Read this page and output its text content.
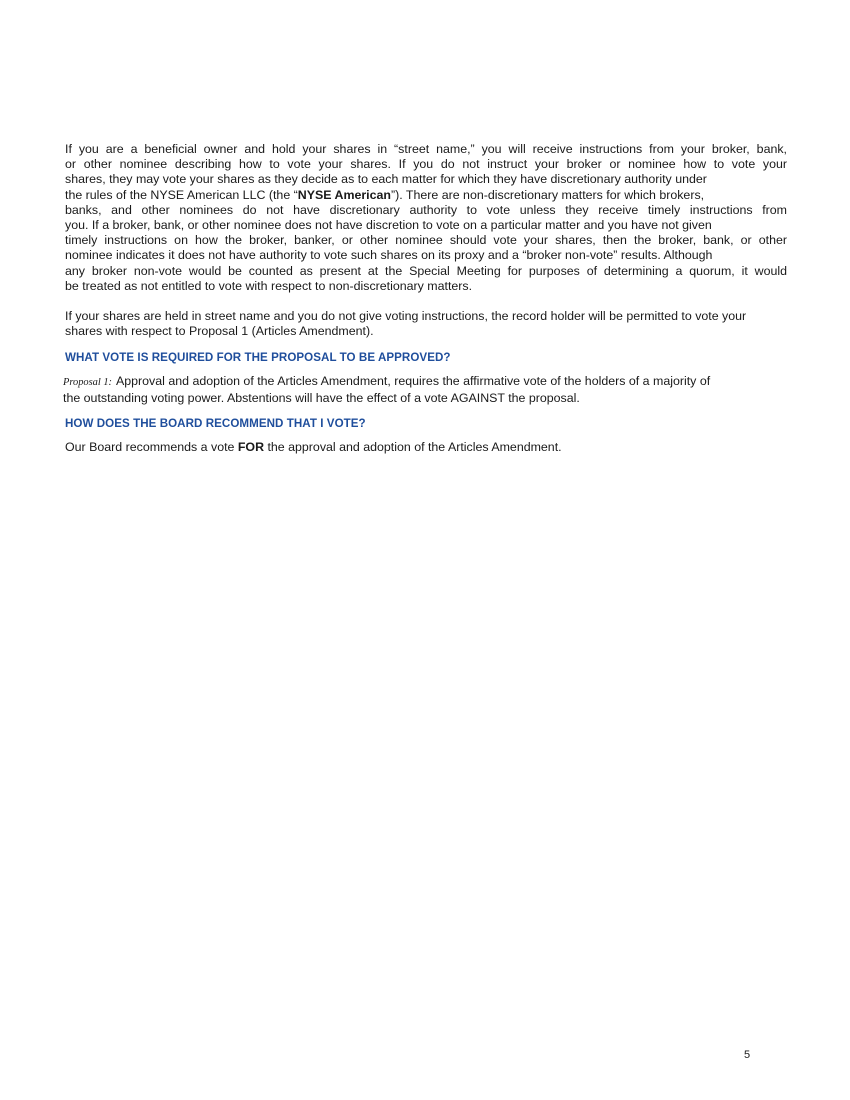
If you are a beneficial owner and hold your shares in “street name,” you will receive instructions from your broker, bank,
or other nominee describing how to vote your shares. If you do not instruct your broker or nominee how to vote your
shares, they may vote your shares as they decide as to each matter for which they have discretionary authority under
the rules of the NYSE American LLC (the “NYSE American”). There are non-discretionary matters for which brokers,
banks, and other nominees do not have discretionary authority to vote unless they receive timely instructions from
you. If a broker, bank, or other nominee does not have discretion to vote on a particular matter and you have not given
timely instructions on how the broker, banker, or other nominee should vote your shares, then the broker, bank, or other
nominee indicates it does not have authority to vote such shares on its proxy and a “broker non-vote” results. Although
any broker non-vote would be counted as present at the Special Meeting for purposes of determining a quorum, it would
be treated as not entitled to vote with respect to non-discretionary matters.
If your shares are held in street name and you do not give voting instructions, the record holder will be permitted to vote your
shares with respect to Proposal 1 (Articles Amendment).
WHAT VOTE IS REQUIRED FOR THE PROPOSAL TO BE APPROVED?
Proposal 1: Approval and adoption of the Articles Amendment, requires the affirmative vote of the holders of a majority of
the outstanding voting power. Abstentions will have the effect of a vote AGAINST the proposal.
HOW DOES THE BOARD RECOMMEND THAT I VOTE?
Our Board recommends a vote FOR the approval and adoption of the Articles Amendment.
5
